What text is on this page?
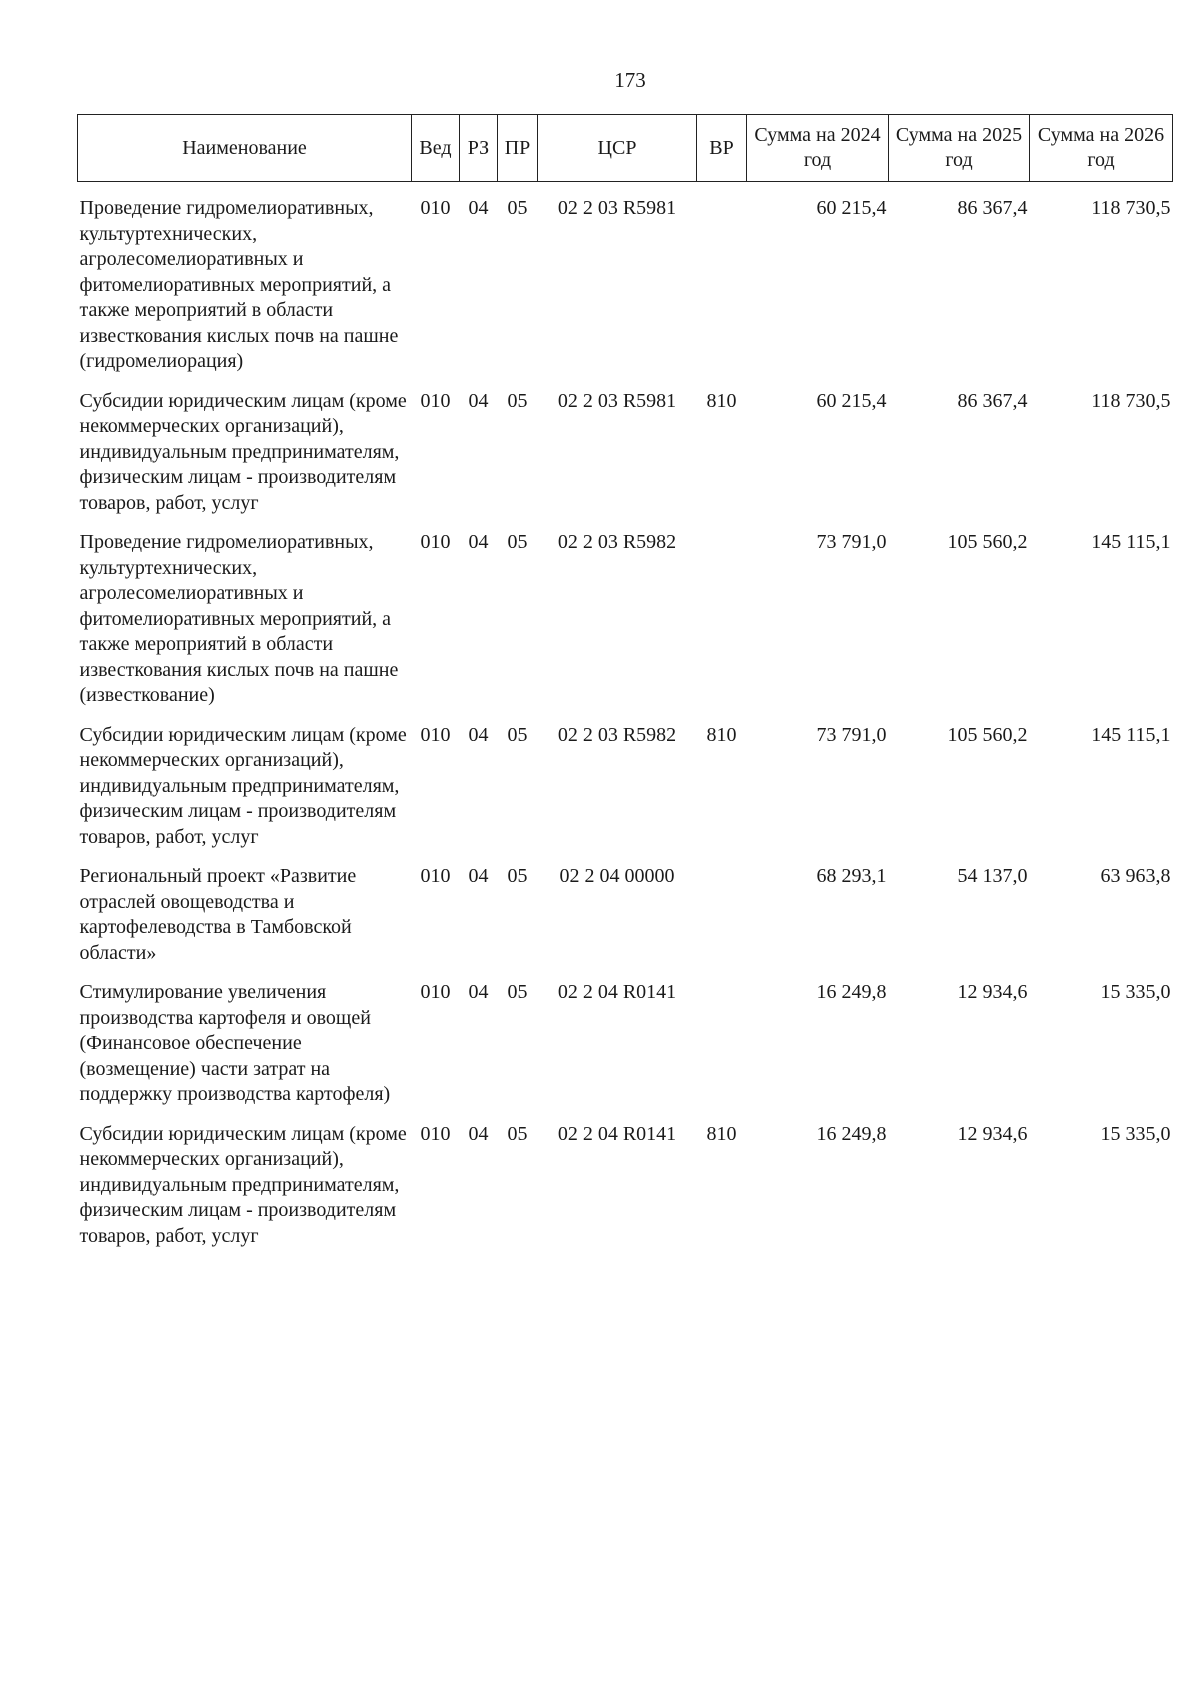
173
Наименование	Вед	РЗ	ПР	ЦСР	ВР	Сумма на 2024 год	Сумма на 2025 год	Сумма на 2026 год
Проведение гидромелиоративных, культуртехнических, агролесомелиоративных и фитомелиоративных мероприятий, а также мероприятий в области известкования кислых почв на пашне (гидромелиорация)	010	04	05	02 2 03 R5981		60 215,4	86 367,4	118 730,5
Субсидии юридическим лицам (кроме некоммерческих организаций), индивидуальным предпринимателям, физическим лицам - производителям товаров, работ, услуг	010	04	05	02 2 03 R5981	810	60 215,4	86 367,4	118 730,5
Проведение гидромелиоративных, культуртехнических, агролесомелиоративных и фитомелиоративных мероприятий, а также мероприятий в области известкования кислых почв на пашне (известкование)	010	04	05	02 2 03 R5982		73 791,0	105 560,2	145 115,1
Субсидии юридическим лицам (кроме некоммерческих организаций), индивидуальным предпринимателям, физическим лицам - производителям товаров, работ, услуг	010	04	05	02 2 03 R5982	810	73 791,0	105 560,2	145 115,1
Региональный проект «Развитие отраслей овощеводства и картофелеводства в Тамбовской области»	010	04	05	02 2 04 00000		68 293,1	54 137,0	63 963,8
Стимулирование увеличения производства картофеля и овощей (Финансовое обеспечение (возмещение) части затрат на поддержку производства картофеля)	010	04	05	02 2 04 R0141		16 249,8	12 934,6	15 335,0
Субсидии юридическим лицам (кроме некоммерческих организаций), индивидуальным предпринимателям, физическим лицам - производителям товаров, работ, услуг	010	04	05	02 2 04 R0141	810	16 249,8	12 934,6	15 335,0
